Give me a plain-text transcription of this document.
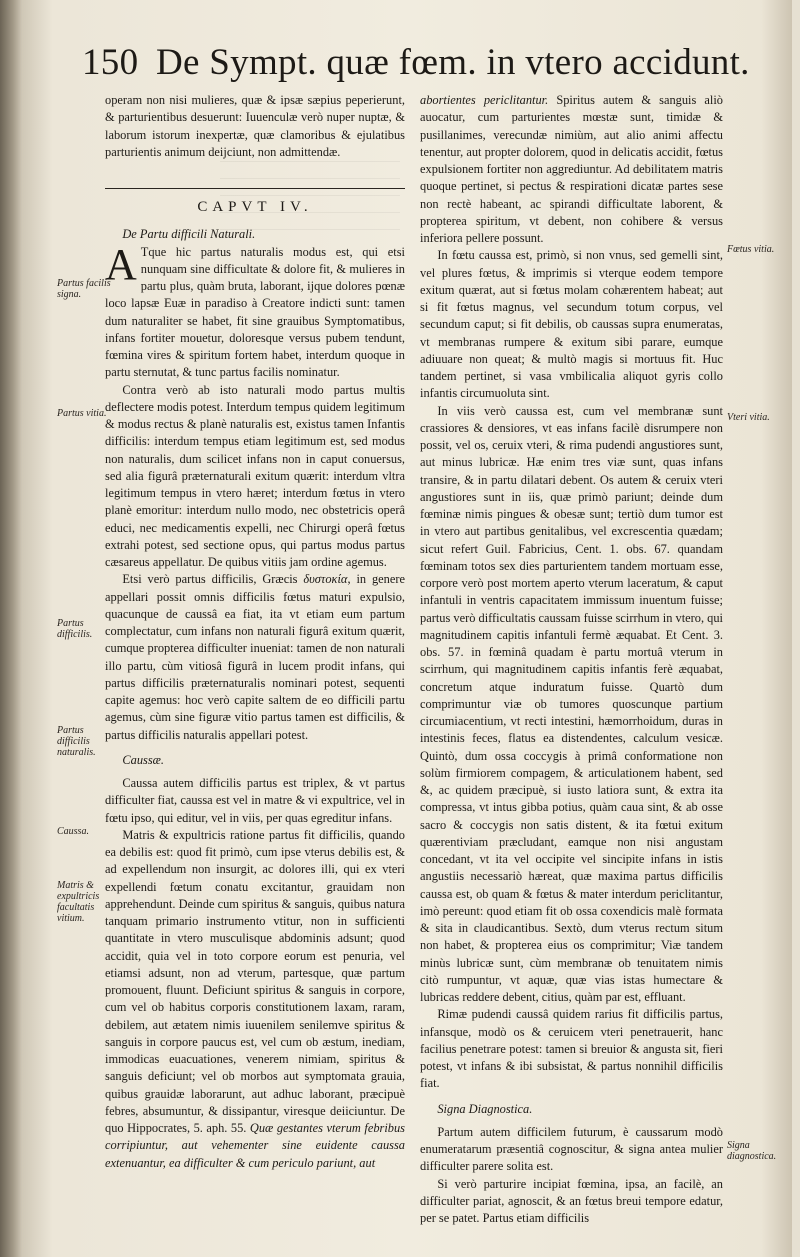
150 De Sympt. quæ fœm. in vtero accidunt.

operam non nisi mulieres, quæ & ipsæ sæpius peperierunt, & parturientibus desuerunt: Iuuenculæ verò nuper nuptæ, & laborum istorum inexpertæ, quæ clamoribus & ejulatibus parturientis animum deijciunt, non admittendæ.

CAPVT IV.

De Partu difficili Naturali.

A Tque hic partus naturalis modus est, qui etsi nunquam sine difficultate & dolore fit, & mulieres in partu plus, quàm bruta, laborant, ijque dolores pœnæ loco lapsæ Euæ in paradiso à Creatore indicti sunt: tamen dum naturaliter se habet, fit sine grauibus Symptomatibus, infans fortiter mouetur, doloresque versus pubem tendunt, fœmina vires & spiritum fortem habet, interdum quoque in partu sternutat, & tunc partus facilis nominatur.

Contra verò ab isto naturali modo partus multis deflectere modis potest. Interdum tempus quidem legitimum & modus rectus & planè naturalis est, existus tamen Infantis difficilis: interdum tempus etiam legitimum est, sed modus non naturalis, dum scilicet infans non in caput conuersus, sed alia figurâ præternaturali exitum quærit: interdum vltra legitimum tempus in vtero hæret; interdum fœtus in vtero planè emoritur: interdum nullo modo, nec obstetricis operâ educi, nec medicamentis expelli, nec Chirurgi operâ fœtus extrahi potest, sed sectione opus, qui partus modus partus cæsareus appellatur. De quibus vitiis jam ordine agemus.

Etsi verò partus difficilis, Græcis δυστοκία, in genere appellari possit omnis difficilis fœtus maturi expulsio, quacunque de caussâ ea fiat, ita vt etiam eum partum complectatur, cum infans non naturali figurâ exitum quærit, cumque propterea difficulter inueniat: tamen de non naturali illo partu, cùm vitiosâ figurâ in lucem prodit infans, qui partus difficilis præternaturalis nominari potest, sequenti capite agemus: hoc verò capite saltem de eo difficili partu agemus, cùm sine figuræ vitio partus tamen est difficilis, & partus difficilis naturalis appellari potest.

Caussæ.

Caussa autem difficilis partus est triplex, & vt partus difficulter fiat, caussa est vel in matre & vi expultrice, vel in fœtu ipso, qui editur, vel in viis, per quas egreditur infans.

Matris & expultricis ratione partus fit difficilis, quando ea debilis est: quod fit primò, cum ipse vterus debilis est, & ad expellendum non insurgit, ac dolores illi, qui ex vteri expellendi fœtum conatu excitantur, grauidam non apprehendunt. Deinde cum spiritus & sanguis, quibus natura tanquam primario instrumento vtitur, non in sufficienti quantitate in vtero musculisque abdominis adsunt; quod accidit, quia vel in toto corpore eorum est penuria, vel etiamsi adsunt, non ad vterum, partesque, quæ partum promouent, fluunt. Deficiunt spiritus & sanguis in corpore, cum vel ob habitus corporis constitutionem laxam, raram, debilem, aut ætatem nimis iuuenilem senilemve spiritus & sanguis in corpore paucus est, vel cum ob æstum, inediam, immodicas euacuationes, venerem nimiam, spiritus & sanguis deficiunt; vel ob morbos aut symptomata grauia, quibus grauidæ laborarunt, aut adhuc laborant, præcipuè febres, absumuntur, & dissipantur, viresque deiiciuntur. De quo Hippocrates, 5. aph. 55. Quæ gestantes vterum febribus corripiuntur, aut vehementer sine euidente caussa extenuantur, ea difficulter & cum periculo pariunt, aut

abortientes periclitantur. Spiritus autem & sanguis aliò auocatur, cum parturientes mœstæ sunt, timidæ & pusillanimes, verecundæ nimiùm, aut alio animi affectu tenentur, aut propter dolorem, quod in delicatis accidit, fœtus expulsionem fortiter non aggrediuntur. Ad debilitatem matris quoque pertinet, si pectus & respirationi dicatæ partes sese non rectè habeant, ac spirandi difficultate laborent, & propterea spiritum, vt debent, non cohibere & versus inferiora pellere possunt.

In fœtu caussa est, primò, si non vnus, sed gemelli sint, vel plures fœtus, & imprimis si vterque eodem tempore exitum quærat, aut si fœtus molam cohærentem habeat; aut si fit fœtus magnus, vel secundum totum corpus, vel secundum caput; si fit debilis, ob caussas supra enumeratas, vt membranas rumpere & exitum sibi parare, eumque adiuuare non queat; & multò magis si mortuus fit. Huc tandem pertinet, si vasa vmbilicalia aliquot gyris collo infantis circumuoluta sint.

In viis verò caussa est, cum vel membranæ sunt crassiores & densiores, vt eas infans facilè disrumpere non possit, vel os, ceruix vteri, & rima pudendi angustiores sunt, aut minus lubricæ. Hæ enim tres viæ sunt, quas infans transire, & in partu dilatari debent. Os autem & ceruix vteri angustiores sunt in iis, quæ primò pariunt; deinde dum fœminæ nimis pingues & obesæ sunt; tertiò dum tumor est in vtero aut partibus genitalibus, vel excrescentia quædam; sicut refert Guil. Fabricius, Cent. 1. obs. 67. quandam fœminam totos sex dies parturientem tandem mortuam esse, corpore verò post mortem aperto vterum laceratum, & caput infantuli in ventris capacitatem immissum inuentum fuisse; partus verò difficultatis caussam fuisse scirrhum in vtero, qui magnitudinem capitis infantuli fermè æquabat. Et Cent. 3. obs. 57. in fœminâ quadam è partu mortuâ vterum in scirrhum, qui magnitudinem capitis infantis ferè æquabat, concretum atque induratum fuisse. Quartò dum comprimuntur viæ ob tumores quoscunque partium circumiacentium, vt recti intestini, hæmorrhoidum, duras in intestinis feces, flatus ea distendentes, calculum vesicæ. Quintò, dum ossa coccygis à primâ conformatione non solùm firmiorem compagem, & articulationem habent, sed &, ac quidem præcipuè, si iusto latiora sunt, & extra ita compressa, vt intus gibba potius, quàm caua sint, & ab osse sacro & coccygis non satis distent, & ita fœtui exitum quærentiviam præcludant, eamque non nisi angustam concedant, vt ita vel occipite vel sincipite infans in istis angustiis necessariò hæreat, quæ maxima partus difficilis caussa est, ob quam & fœtus & mater interdum periclitantur, imò pereunt: quod etiam fit ob ossa coxendicis malè formata & sita in claudicantibus. Sextò, dum vterus rectum situm non habet, & propterea eius os comprimitur; Viæ tandem minùs lubricæ sunt, cùm membranæ ob tenuitatem nimis citò rumpuntur, vt aquæ, quæ vias istas humectare & lubricas reddere debent, citius, quàm par est, effluant.

Rimæ pudendi caussâ quidem rarius fit difficilis partus, infansque, modò os & ceruicem vteri penetrauerit, hanc facilius penetrare potest: tamen si breuior & angusta sit, fieri potest, vt infans & ibi subsistat, & partus nonnihil difficilis fiat.

Signa Diagnostica.

Partum autem difficilem futurum, è caussarum modò enumeratarum præsentiâ cognoscitur, & signa antea mulier difficulter parere solita est.

Si verò parturire incipiat fœmina, ipsa, an facilè, an difficulter pariat, agnoscit, & an fœtus breui tempore edatur, per se patet. Partus etiam difficilis

Partus facilis signa.
Partus vitia.
Partus difficilis.
Partus difficilis naturalis.
Caussa.
Matris & expultricis facultatis vitium.
Fœtus vitia.
Vteri vitia.
Signa diagnostica.
